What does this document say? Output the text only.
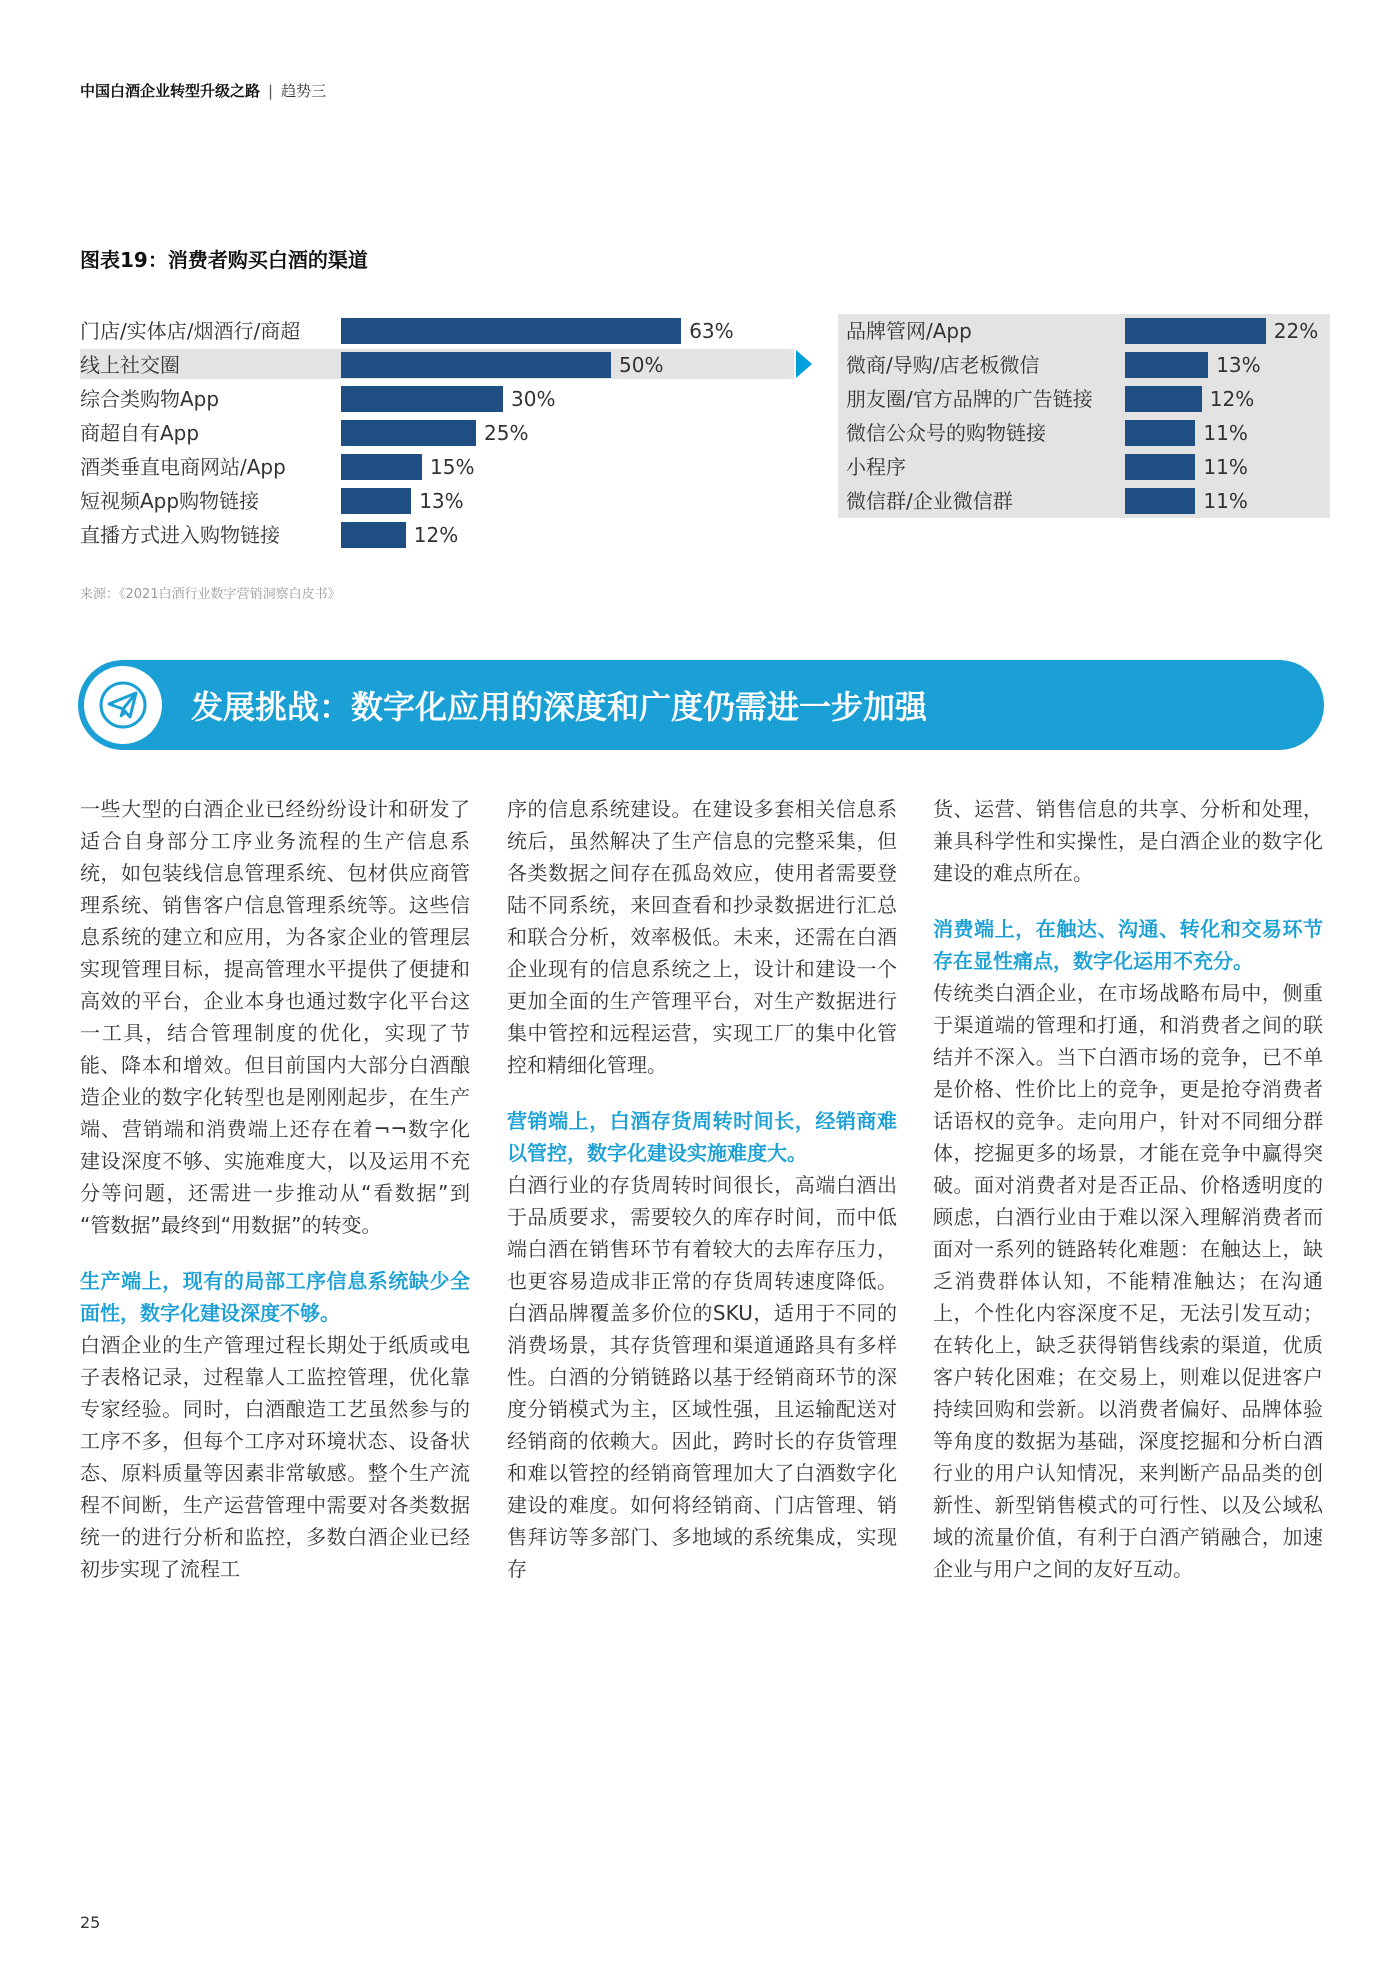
中国白酒企业转型升级之路 | 趋势三
图表19：消费者购买白酒的渠道
门店/实体店/烟酒行/商超	63%
线上社交圈	50%
综合类购物App	30%
商超自有App	25%
酒类垂直电商网站/App	15%
短视频App购物链接	13%
直播方式进入购物链接	12%
品牌管网/App	22%
微商/导购/店老板微信	13%
朋友圈/官方品牌的广告链接	12%
微信公众号的购物链接	11%
小程序	11%
微信群/企业微信群	11%
来源：《2021白酒行业数字营销洞察白皮书》
发展挑战：数字化应用的深度和广度仍需进一步加强

一些大型的白酒企业已经纷纷设计和研发了适合自身部分工序业务流程的生产信息系统，如包装线信息管理系统、包材供应商管理系统、销售客户信息管理系统等。这些信息系统的建立和应用，为各家企业的管理层实现管理目标，提高管理水平提供了便捷和高效的平台，企业本身也通过数字化平台这一工具，结合管理制度的优化，实现了节能、降本和增效。但目前国内大部分白酒酿造企业的数字化转型也是刚刚起步，在生产端、营销端和消费端上还存在着¬¬数字化建设深度不够、实施难度大，以及运用不充分等问题，还需进一步推动从“看数据”到 “管数据”最终到“用数据”的转变。

生产端上，现有的局部工序信息系统缺少全面性，数字化建设深度不够。

白酒企业的生产管理过程长期处于纸质或电子表格记录，过程靠人工监控管理，优化靠专家经验。同时，白酒酿造工艺虽然参与的工序不多，但每个工序对环境状态、设备状态、原料质量等因素非常敏感。整个生产流程不间断，生产运营管理中需要对各类数据统一的进行分析和监控，多数白酒企业已经初步实现了流程工

序的信息系统建设。在建设多套相关信息系统后，虽然解决了生产信息的完整采集，但各类数据之间存在孤岛效应，使用者需要登陆不同系统，来回查看和抄录数据进行汇总和联合分析，效率极低。未来，还需在白酒企业现有的信息系统之上，设计和建设一个更加全面的生产管理平台，对生产数据进行集中管控和远程运营，实现工厂的集中化管控和精细化管理。

营销端上，白酒存货周转时间长，经销商难以管控，数字化建设实施难度大。

白酒行业的存货周转时间很长，高端白酒出于品质要求，需要较久的库存时间，而中低端白酒在销售环节有着较大的去库存压力，也更容易造成非正常的存货周转速度降低。白酒品牌覆盖多价位的SKU，适用于不同的消费场景，其存货管理和渠道通路具有多样性。白酒的分销链路以基于经销商环节的深度分销模式为主，区域性强，且运输配送对经销商的依赖大。因此，跨时长的存货管理和难以管控的经销商管理加大了白酒数字化建设的难度。如何将经销商、门店管理、销售拜访等多部门、多地域的系统集成，实现存

货、运营、销售信息的共享、分析和处理，兼具科学性和实操性，是白酒企业的数字化建设的难点所在。

消费端上，在触达、沟通、转化和交易环节存在显性痛点，数字化运用不充分。

传统类白酒企业，在市场战略布局中，侧重于渠道端的管理和打通，和消费者之间的联结并不深入。当下白酒市场的竞争，已不单是价格、性价比上的竞争，更是抢夺消费者话语权的竞争。走向用户，针对不同细分群体，挖掘更多的场景，才能在竞争中赢得突破。面对消费者对是否正品、价格透明度的顾虑，白酒行业由于难以深入理解消费者而面对一系列的链路转化难题：在触达上，缺乏消费群体认知，不能精准触达；在沟通上，个性化内容深度不足，无法引发互动；在转化上，缺乏获得销售线索的渠道，优质客户转化困难；在交易上，则难以促进客户持续回购和尝新。以消费者偏好、品牌体验等角度的数据为基础，深度挖掘和分析白酒行业的用户认知情况，来判断产品品类的创新性、新型销售模式的可行性、以及公域私域的流量价值，有利于白酒产销融合，加速企业与用户之间的友好互动。

25
